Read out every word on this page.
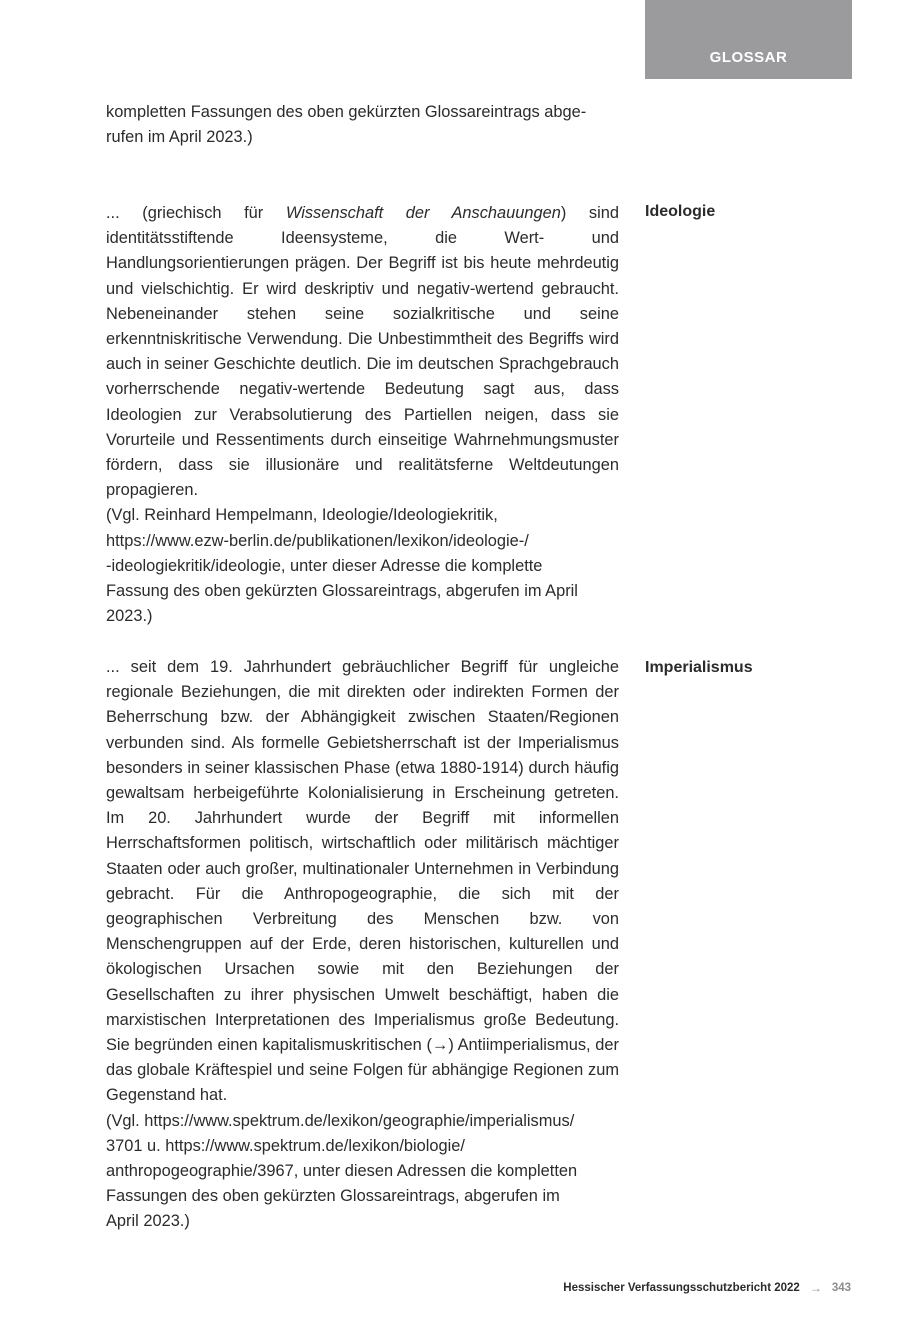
GLOSSAR

kompletten Fassungen des oben gekürzten Glossareintrags abge-

rufen im April 2023.)

Ideologie

... (griechisch für Wissenschaft der Anschauungen) sind identitätsstiftende Ideensysteme, die Wert- und Handlungsorientierungen prägen. Der Begriff ist bis heute mehrdeutig und vielschichtig. Er wird deskriptiv und negativ-wertend gebraucht. Nebeneinander stehen seine sozialkritische und seine erkenntniskritische Verwendung. Die Unbestimmtheit des Begriffs wird auch in seiner Geschichte deutlich. Die im deutschen Sprachgebrauch vorherrschende negativ-wertende Bedeutung sagt aus, dass Ideologien zur Verabsolutierung des Partiellen neigen, dass sie Vorurteile und Ressentiments durch einseitige Wahrnehmungsmuster fördern, dass sie illusionäre und realitätsferne Weltdeutungen propagieren.

(Vgl. Reinhard Hempelmann, Ideologie/Ideologiekritik,

https://www.ezw-berlin.de/publikationen/lexikon/ideologie-/

-ideologiekritik/ideologie, unter dieser Adresse die komplette

Fassung des oben gekürzten Glossareintrags, abgerufen im April

2023.)

Imperialismus

... seit dem 19. Jahrhundert gebräuchlicher Begriff für ungleiche regionale Beziehungen, die mit direkten oder indirekten Formen der Beherrschung bzw. der Abhängigkeit zwischen Staaten/Regionen verbunden sind. Als formelle Gebietsherrschaft ist der Imperialismus besonders in seiner klassischen Phase (etwa 1880-1914) durch häufig gewaltsam herbeigeführte Kolonialisierung in Erscheinung getreten. Im 20. Jahrhundert wurde der Begriff mit informellen Herrschaftsformen politisch, wirtschaftlich oder militärisch mächtiger Staaten oder auch großer, multinationaler Unternehmen in Verbindung gebracht. Für die Anthropogeographie, die sich mit der geographischen Verbreitung des Menschen bzw. von Menschengruppen auf der Erde, deren historischen, kulturellen und ökologischen Ursachen sowie mit den Beziehungen der Gesellschaften zu ihrer physischen Umwelt beschäftigt, haben die marxistischen Interpretationen des Imperialismus große Bedeutung. Sie begründen einen kapitalismuskritischen (→) Antiimperialismus, der das globale Kräftespiel und seine Folgen für abhängige Regionen zum Gegenstand hat.

(Vgl. https://www.spektrum.de/lexikon/geographie/imperialismus/

3701 u. https://www.spektrum.de/lexikon/biologie/

anthropogeographie/3967, unter diesen Adressen die kompletten

Fassungen des oben gekürzten Glossareintrags, abgerufen im

April 2023.)

Hessischer Verfassungsschutzbericht 2022 → 343
